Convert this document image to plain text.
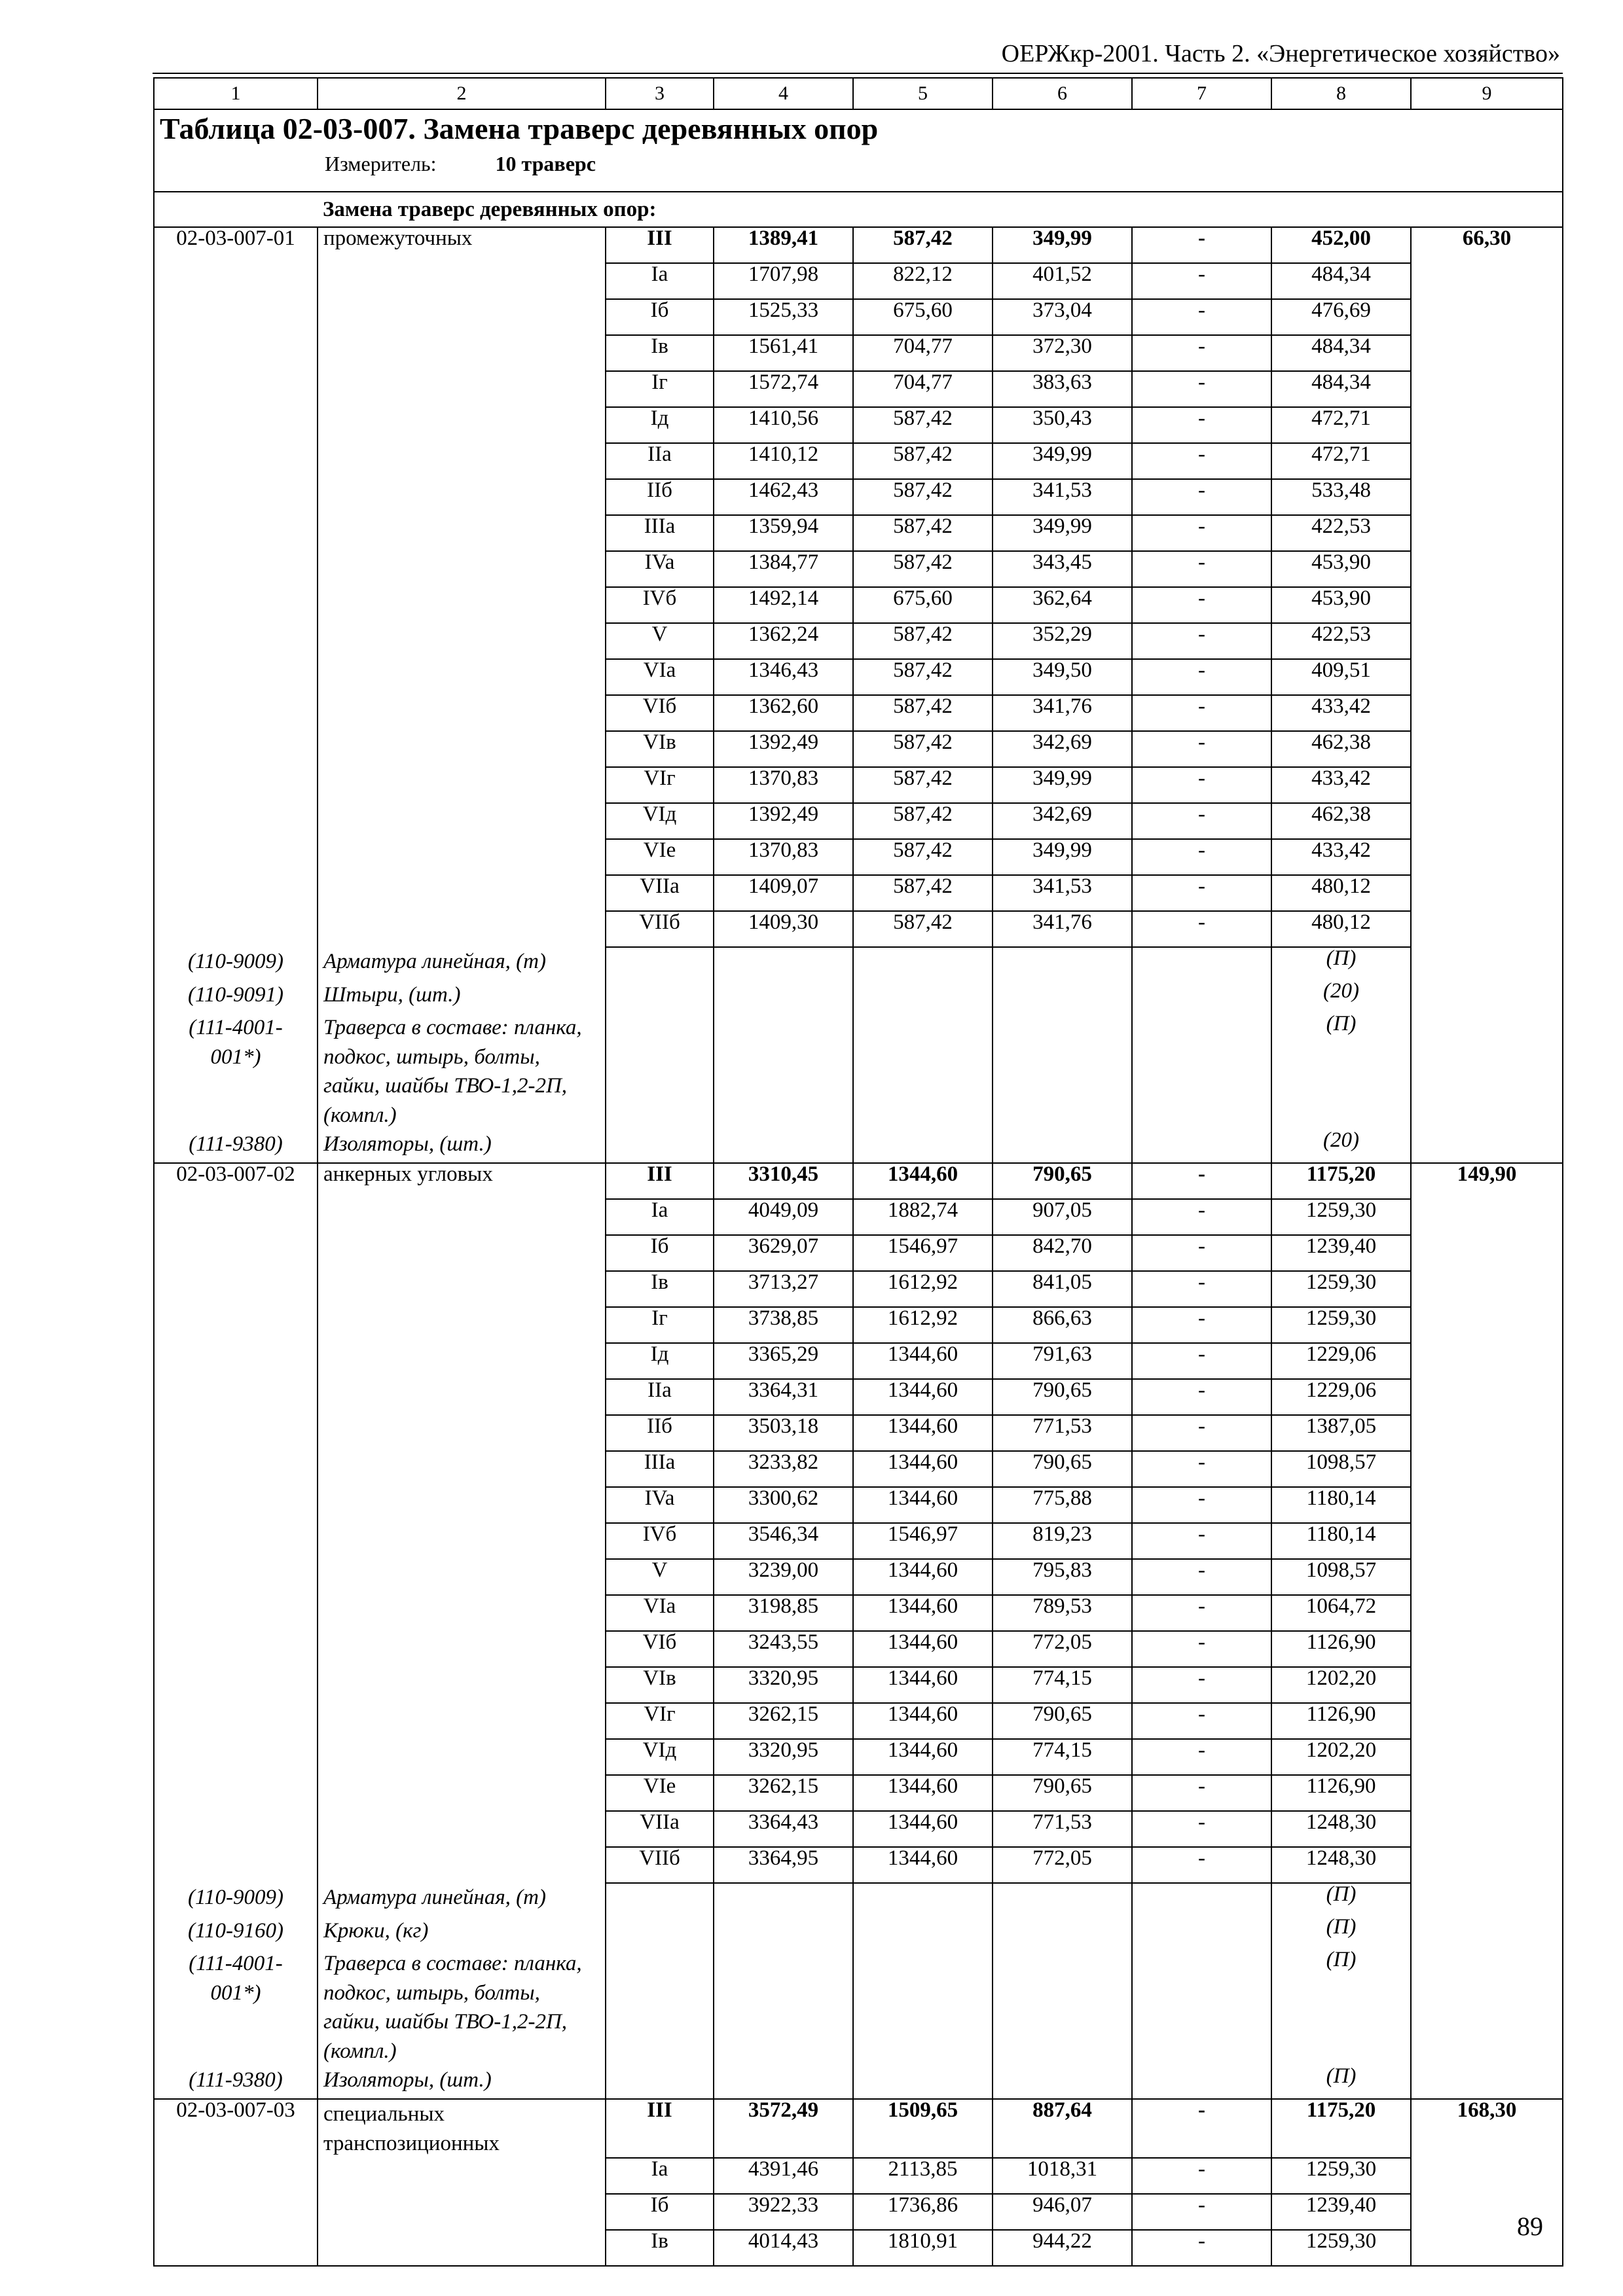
ОЕРЖкр-2001. Часть 2. «Энергетическое хозяйство»
1	2	3	4	5	6	7	8	9

Таблица 02-03-007. Замена траверс деревянных опор
Измеритель: 10 траверс								

	Замена траверс деревянных опор:							
02-03-007-01	промежуточных	III	1389,41	587,42	349,99	-	452,00	66,30
		Ia	1707,98	822,12	401,52	-	484,34	
		Iб	1525,33	675,60	373,04	-	476,69	
		Iв	1561,41	704,77	372,30	-	484,34	
		Iг	1572,74	704,77	383,63	-	484,34	
		Iд	1410,56	587,42	350,43	-	472,71	
		IIa	1410,12	587,42	349,99	-	472,71	
		IIб	1462,43	587,42	341,53	-	533,48	
		IIIa	1359,94	587,42	349,99	-	422,53	
		IVa	1384,77	587,42	343,45	-	453,90	
		IVб	1492,14	675,60	362,64	-	453,90	
		V	1362,24	587,42	352,29	-	422,53	
		VIa	1346,43	587,42	349,50	-	409,51	
		VIб	1362,60	587,42	341,76	-	433,42	
		VIв	1392,49	587,42	342,69	-	462,38	
		VIг	1370,83	587,42	349,99	-	433,42	
		VIд	1392,49	587,42	342,69	-	462,38	
		VIe	1370,83	587,42	349,99	-	433,42	
		VIIa	1409,07	587,42	341,53	-	480,12	
		VIIб	1409,30	587,42	341,76	-	480,12	
(110-9009)	Арматура линейная, (т)						(П)	
(110-9091)	Штыри, (шт.)						(20)	
(111-4001-001*)	Траверса в составе: планка, подкос, штырь, болты, гайки, шайбы ТВО-1,2-2П, (компл.)						(П)	
(111-9380)	Изоляторы, (шт.)						(20)	
02-03-007-02	анкерных угловых	III	3310,45	1344,60	790,65	-	1175,20	149,90
		Ia	4049,09	1882,74	907,05	-	1259,30	
		Iб	3629,07	1546,97	842,70	-	1239,40	
		Iв	3713,27	1612,92	841,05	-	1259,30	
		Iг	3738,85	1612,92	866,63	-	1259,30	
		Iд	3365,29	1344,60	791,63	-	1229,06	
		IIa	3364,31	1344,60	790,65	-	1229,06	
		IIб	3503,18	1344,60	771,53	-	1387,05	
		IIIa	3233,82	1344,60	790,65	-	1098,57	
		IVa	3300,62	1344,60	775,88	-	1180,14	
		IVб	3546,34	1546,97	819,23	-	1180,14	
		V	3239,00	1344,60	795,83	-	1098,57	
		VIa	3198,85	1344,60	789,53	-	1064,72	
		VIб	3243,55	1344,60	772,05	-	1126,90	
		VIв	3320,95	1344,60	774,15	-	1202,20	
		VIг	3262,15	1344,60	790,65	-	1126,90	
		VIд	3320,95	1344,60	774,15	-	1202,20	
		VIe	3262,15	1344,60	790,65	-	1126,90	
		VIIa	3364,43	1344,60	771,53	-	1248,30	
		VIIб	3364,95	1344,60	772,05	-	1248,30	
(110-9009)	Арматура линейная, (т)						(П)	
(110-9160)	Крюки, (кг)						(П)	
(111-4001-001*)	Траверса в составе: планка, подкос, штырь, болты, гайки, шайбы ТВО-1,2-2П, (компл.)						(П)	
(111-9380)	Изоляторы, (шт.)						(П)	
02-03-007-03	специальных транспозиционных	III	3572,49	1509,65	887,64	-	1175,20	168,30
		Ia	4391,46	2113,85	1018,31	-	1259,30	
		Iб	3922,33	1736,86	946,07	-	1239,40	
		Iв	4014,43	1810,91	944,22	-	1259,30	
89
